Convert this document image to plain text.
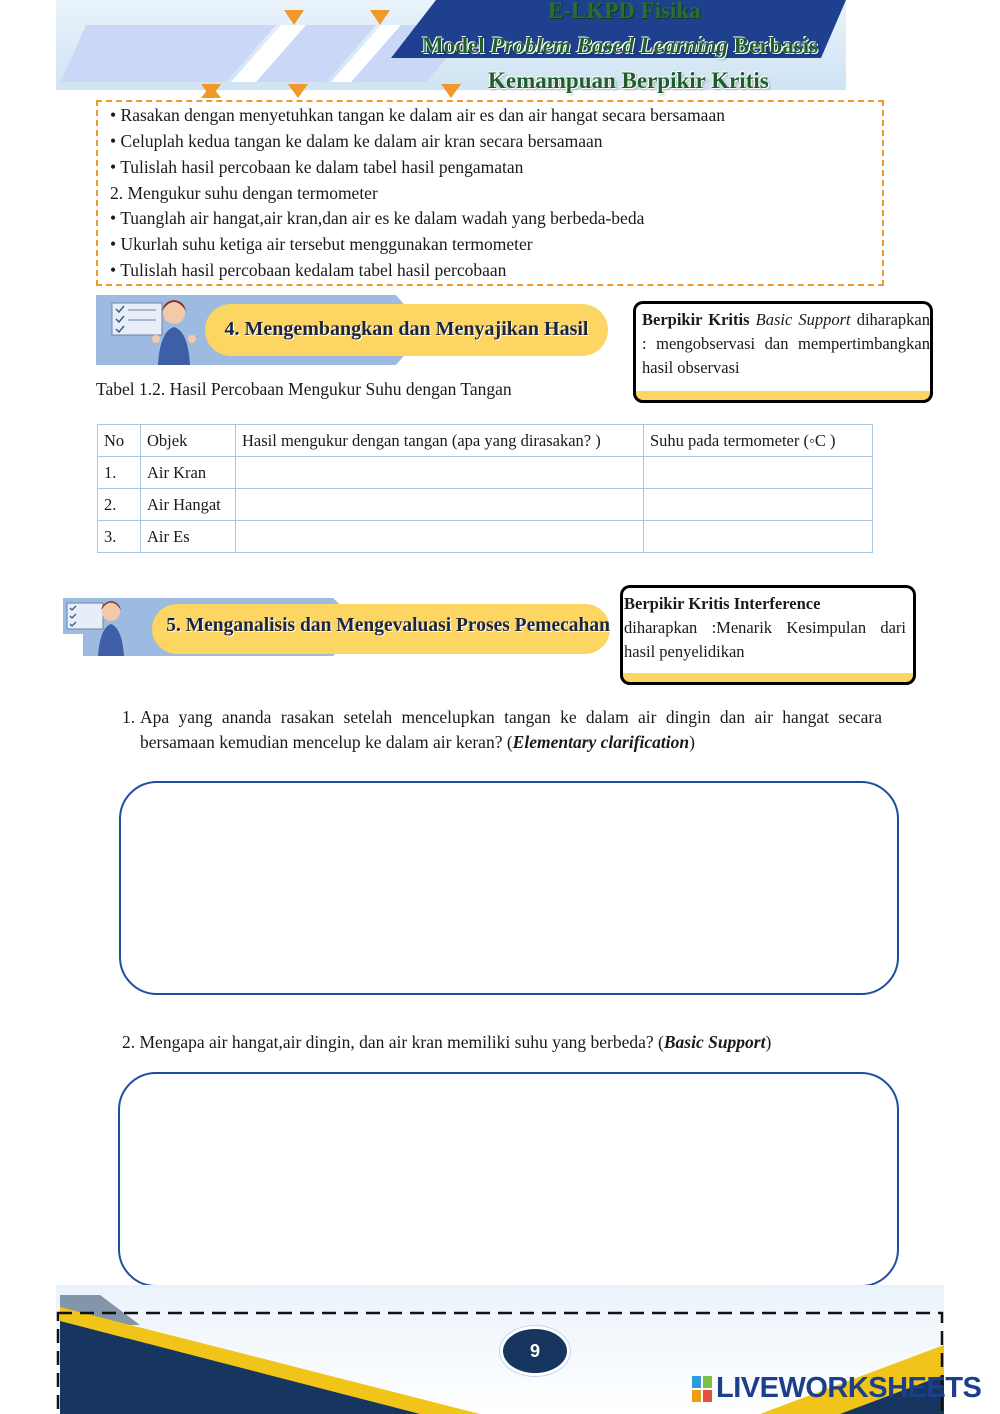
E-LKPD Fisika
Model Problem Based Learning Berbasis
Kemampuan Berpikir Kritis
• Rasakan dengan menyetuhkan tangan ke dalam air es dan air hangat secara bersamaan
• Celuplah kedua tangan ke dalam ke dalam air kran secara bersamaan
• Tulislah hasil percobaan ke dalam tabel hasil pengamatan
2. Mengukur suhu dengan termometer
• Tuanglah air hangat,air kran,dan air es ke dalam wadah yang berbeda-beda
• Ukurlah suhu ketiga air tersebut menggunakan termometer
• Tulislah hasil percobaan kedalam tabel hasil percobaan
4. Mengembangkan dan Menyajikan Hasil	Berpikir Kritis Basic Support diharapkan : mengobservasi dan mempertimbangkan hasil observasi
Tabel 1.2. Hasil Percobaan Mengukur Suhu dengan Tangan
No	Objek	Hasil mengukur dengan tangan (apa yang dirasakan? )	Suhu pada termometer (◦C )
1.	Air Kran		
2.	Air Hangat		
3.	Air Es		
5. Menganalisis dan Mengevaluasi Proses Pemecahan
Berpikir Kritis Interference
diharapkan :Menarik Kesimpulan dari hasil penyelidikan
1. Apa yang ananda rasakan setelah mencelupkan tangan ke dalam air dingin dan air hangat secara bersamaan kemudian mencelup ke dalam air keran? (Elementary clarification)
2. Mengapa air hangat,air dingin, dan air kran memiliki suhu yang berbeda? (Basic Support)
9
LIVEWORKSHEETS
